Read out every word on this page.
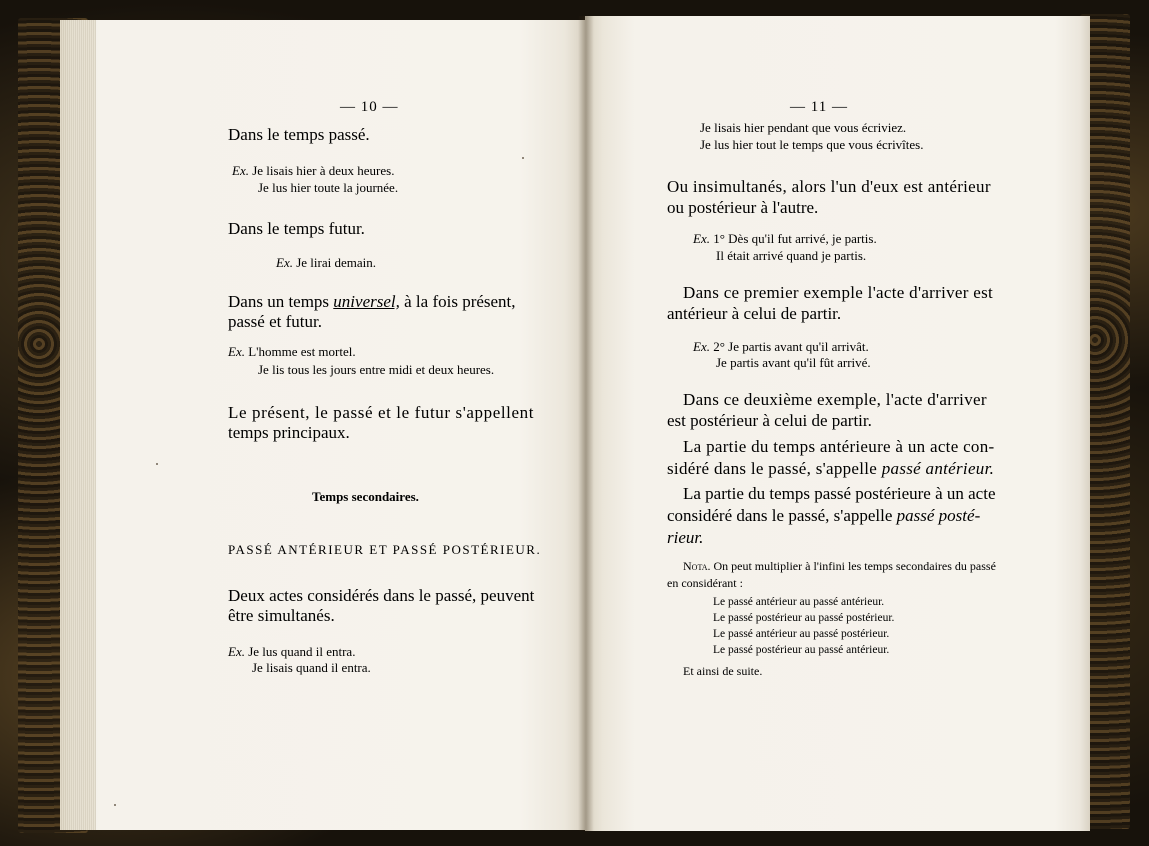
— 10 —
Dans le temps passé.
Ex. Je lisais hier à deux heures.
Je lus hier toute la journée.
Dans le temps futur.
Ex. Je lirai demain.
Dans un temps universel, à la fois présent,
passé et futur.
Ex. L'homme est mortel.
Je lis tous les jours entre midi et deux heures.
Le présent, le passé et le futur s'appellent
temps principaux.
Temps secondaires.
PASSÉ ANTÉRIEUR ET PASSÉ POSTÉRIEUR.
Deux actes considérés dans le passé, peuvent
être simultanés.
Ex. Je lus quand il entra.
Je lisais quand il entra.
— 11 —
Je lisais hier pendant que vous écriviez.
Je lus hier tout le temps que vous écrivîtes.
Ou insimultanés, alors l'un d'eux est antérieur
ou postérieur à l'autre.
Ex. 1° Dès qu'il fut arrivé, je partis.
Il était arrivé quand je partis.
Dans ce premier exemple l'acte d'arriver est
antérieur à celui de partir.
Ex. 2° Je partis avant qu'il arrivât.
Je partis avant qu'il fût arrivé.
Dans ce deuxième exemple, l'acte d'arriver
est postérieur à celui de partir.
La partie du temps antérieure à un acte con-
sidéré dans le passé, s'appelle passé antérieur.
La partie du temps passé postérieure à un acte
considéré dans le passé, s'appelle passé posté-
rieur.
Nota. On peut multiplier à l'infini les temps secondaires du passé
en considérant :
Le passé antérieur au passé antérieur.
Le passé postérieur au passé postérieur.
Le passé antérieur au passé postérieur.
Le passé postérieur au passé antérieur.
Et ainsi de suite.
